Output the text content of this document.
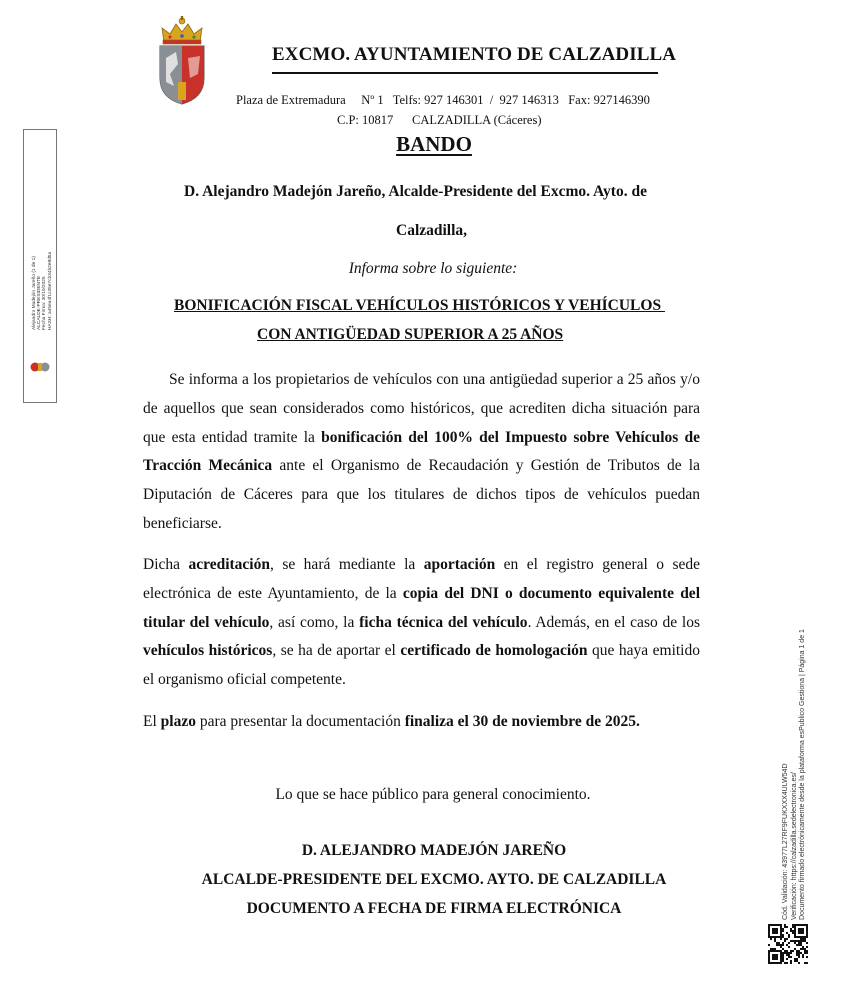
EXCMO. AYUNTAMIENTO DE CALZADILLA
Plaza de Extremadura     Nº 1   Telfs: 927 146301  /  927 146313   Fax: 927146390
C.P: 10817      CALZADILLA (Cáceres)
Alejandro Madejón Jareño (1 de 1) ALCALDE-PRESIDENTE Fecha Firma: 30/10/2025 HASH: a45ea4f1c35e7cb34b2e8d5a
Cód. Validación: 43977L27RF9FUKXXX4ULW54D Verificación: https://calzadilla.sedelectronica.es/ Documento firmado electrónicamente desde la plataforma esPublico Gestiona | Página 1 de 1
BANDO
D. Alejandro Madejón Jareño, Alcalde-Presidente del Excmo. Ayto. de
Calzadilla,
Informa sobre lo siguiente:
BONIFICACIÓN FISCAL VEHÍCULOS HISTÓRICOS Y VEHÍCULOS
CON ANTIGÜEDAD SUPERIOR A 25 AÑOS

Se informa a los propietarios de vehículos con una antigüedad superior a 25 años y/o de aquellos que sean considerados como históricos, que acrediten dicha situación para que esta entidad tramite la bonificación del 100% del Impuesto sobre Vehículos de Tracción Mecánica ante el Organismo de Recaudación y Gestión de Tributos de la Diputación de Cáceres para que los titulares de dichos tipos de vehículos puedan beneficiarse.

Dicha acreditación, se hará mediante la aportación en el registro general o sede electrónica de este Ayuntamiento, de la copia del DNI o documento equivalente del titular del vehículo, así como, la ficha técnica del vehículo. Además, en el caso de los vehículos históricos, se ha de aportar el certificado de homologación que haya emitido el organismo oficial competente.

El plazo para presentar la documentación finaliza el 30 de noviembre de 2025.

Lo que se hace público para general conocimiento.
D. ALEJANDRO MADEJÓN JAREÑO
ALCALDE-PRESIDENTE DEL EXCMO. AYTO. DE CALZADILLA
DOCUMENTO A FECHA DE FIRMA ELECTRÓNICA
